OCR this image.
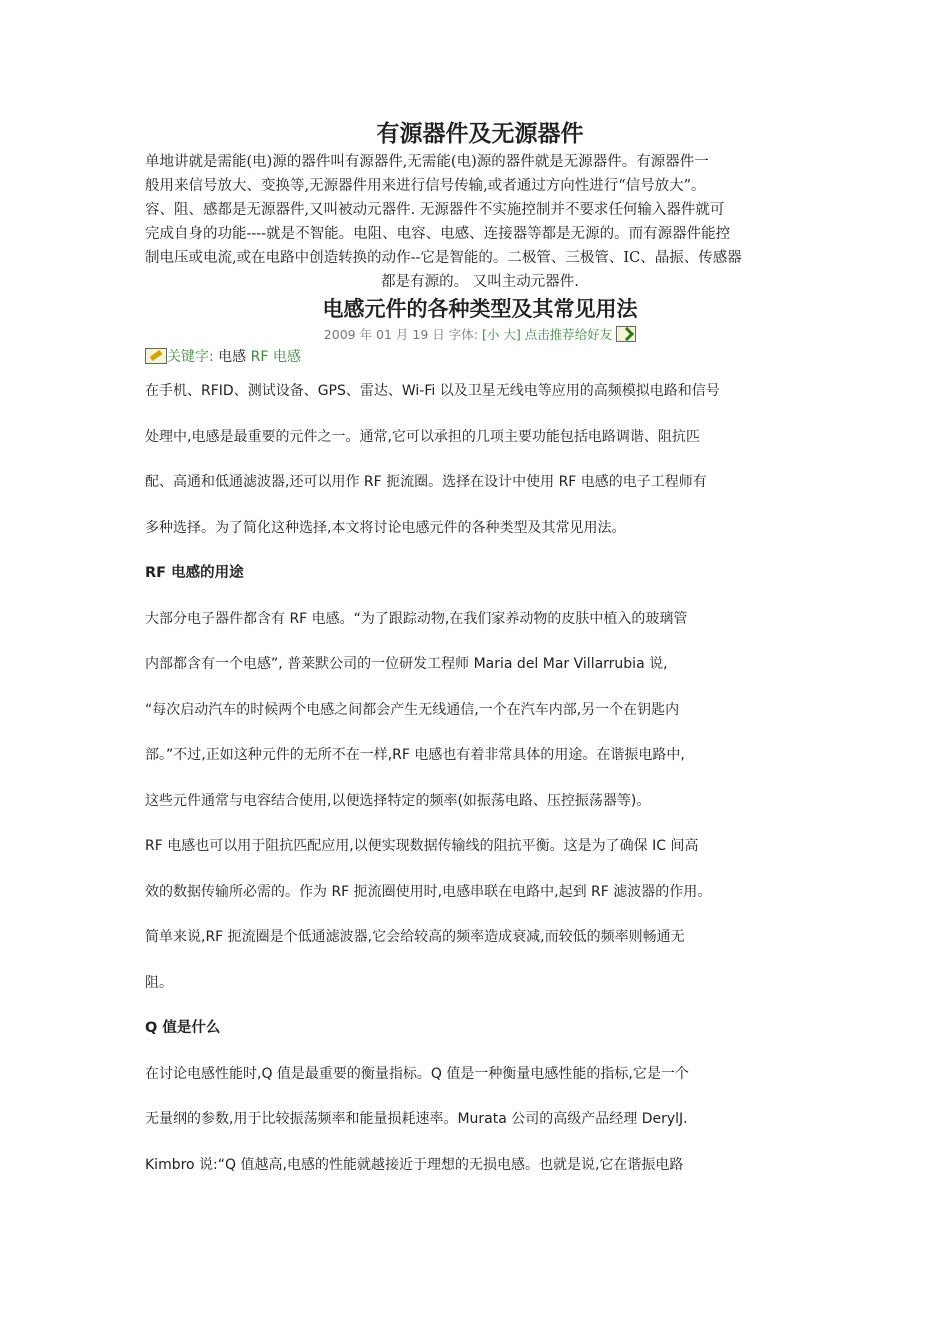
有源器件及无源器件

单地讲就是需能(电)源的器件叫有源器件,无需能(电)源的器件就是无源器件。有源器件一
般用来信号放大、变换等,无源器件用来进行信号传输,或者通过方向性进行“信号放大”。
容、阻、感都是无源器件,又叫被动元器件. 无源器件不实施控制并不要求任何输入器件就可
完成自身的功能----就是不智能。电阻、电容、电感、连接器等都是无源的。而有源器件能控
制电压或电流,或在电路中创造转换的动作--它是智能的。二极管、三极管、IC、晶振、传感器
都是有源的。 又叫主动元器件.

电感元件的各种类型及其常见用法
2009 年 01 月 19 日 字体: [小 大] 点击推荐给好友
关键字: 电感 RF 电感

在手机、RFID、测试设备、GPS、雷达、Wi-Fi 以及卫星无线电等应用的高频模拟电路和信号
处理中,电感是最重要的元件之一。通常,它可以承担的几项主要功能包括电路调谐、阻抗匹
配、高通和低通滤波器,还可以用作 RF 扼流圈。选择在设计中使用 RF 电感的电子工程师有
多种选择。为了简化这种选择,本文将讨论电感元件的各种类型及其常见用法。

RF 电感的用途

大部分电子器件都含有 RF 电感。“为了跟踪动物,在我们家养动物的皮肤中植入的玻璃管
内部都含有一个电感”, 普莱默公司的一位研发工程师 Maria del Mar Villarrubia 说,
“每次启动汽车的时候两个电感之间都会产生无线通信,一个在汽车内部,另一个在钥匙内
部。”不过,正如这种元件的无所不在一样,RF 电感也有着非常具体的用途。在谐振电路中,
这些元件通常与电容结合使用,以便选择特定的频率(如振荡电路、压控振荡器等)。

RF 电感也可以用于阻抗匹配应用,以便实现数据传输线的阻抗平衡。这是为了确保 IC 间高
效的数据传输所必需的。作为 RF 扼流圈使用时,电感串联在电路中,起到 RF 滤波器的作用。
简单来说,RF 扼流圈是个低通滤波器,它会给较高的频率造成衰减,而较低的频率则畅通无
阻。

Q 值是什么

在讨论电感性能时,Q 值是最重要的衡量指标。Q 值是一种衡量电感性能的指标,它是一个
无量纲的参数,用于比较振荡频率和能量损耗速率。Murata 公司的高级产品经理 DerylJ.
Kimbro 说:“Q 值越高,电感的性能就越接近于理想的无损电感。也就是说,它在谐振电路
